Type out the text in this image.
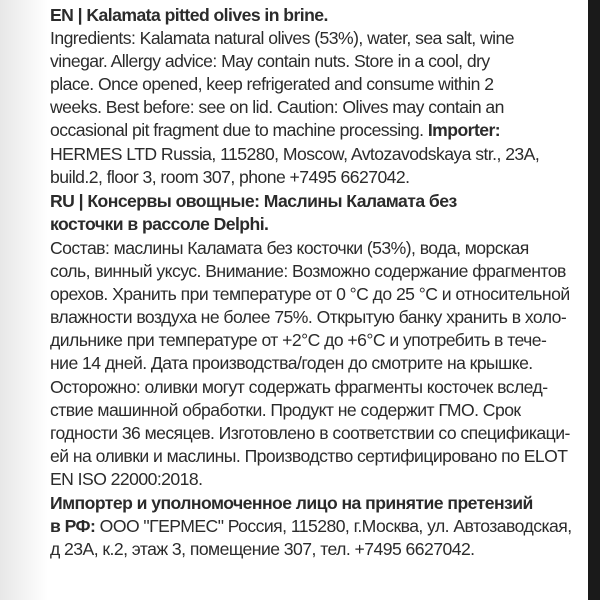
EN | Kalamata pitted olives in brine.
Ingredients: Kalamata natural olives (53%), water, sea salt, wine
vinegar. Allergy advice: May contain nuts. Store in a cool, dry
place. Once opened, keep refrigerated and consume within 2
weeks. Best before: see on lid. Caution: Olives may contain an
occasional pit fragment due to machine processing. Importer:
HERMES LTD Russia, 115280, Moscow, Avtozavodskaya str., 23A,
build.2, floor 3, room 307, phone +7495 6627042.
RU | Консервы овощные: Маслины Каламата без
косточки в рассоле Delphi.
Состав: маслины Каламата без косточки (53%), вода, морская
соль, винный уксус. Внимание: Возможно содержание фрагментов
орехов. Хранить при температуре от 0 °С до 25 °С и относительной
влажности воздуха не более 75%. Открытую банку хранить в холо-
дильнике при температуре от +2°С до +6°С и употребить в тече-
ние 14 дней. Дата производства/годен до смотрите на крышке.
Осторожно: оливки могут содержать фрагменты косточек вслед-
ствие машинной обработки. Продукт не содержит ГМО. Срок
годности 36 месяцев. Изготовлено в соответствии со спецификаци-
ей на оливки и маслины. Производство сертифицировано по ELOT
EN ISO 22000:2018.
Импортер и уполномоченное лицо на принятие претензий
в РФ: ООО "ГЕРМЕС" Россия, 115280, г.Москва, ул. Автозаводская,
д 23А, к.2, этаж 3, помещение 307, тел. +7495 6627042.
